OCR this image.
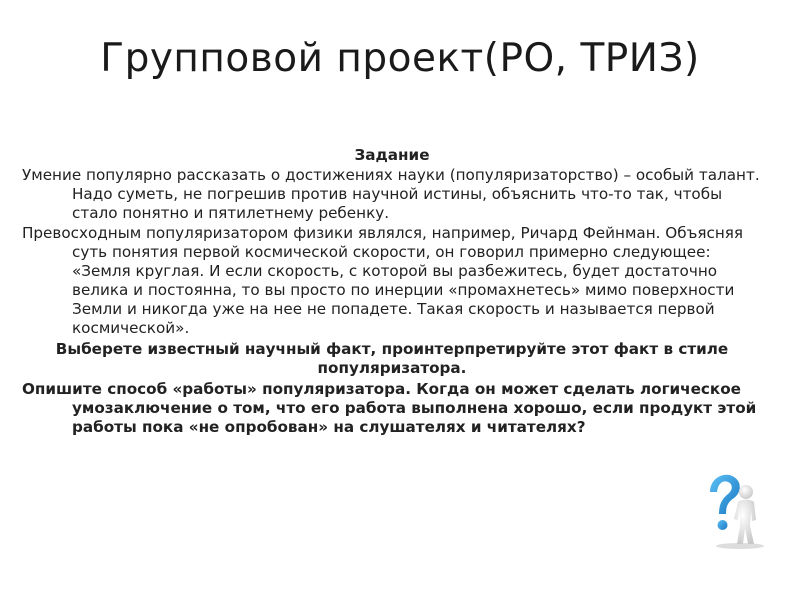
Групповой проект(РО, ТРИЗ)

Задание

Умение популярно рассказать о достижениях науки (популяризаторство) – особый талант. Надо суметь, не погрешив против научной истины, объяснить что-то так, чтобы стало понятно и пятилетнему ребенку.

Превосходным популяризатором физики являлся, например, Ричард Фейнман. Объясняя суть понятия первой космической скорости, он говорил примерно следующее: «Земля круглая. И если скорость, с которой вы разбежитесь, будет достаточно велика и постоянна, то вы просто по инерции «промахнетесь» мимо поверхности Земли и никогда уже на нее не попадете. Такая скорость и называется первой космической».

Выберете известный научный факт, проинтерпретируйте этот факт в стиле популяризатора.

Опишите способ «работы» популяризатора. Когда он может сделать логическое умозаключение о том, что его работа выполнена хорошо, если продукт этой работы пока «не опробован» на слушателях и читателях?
